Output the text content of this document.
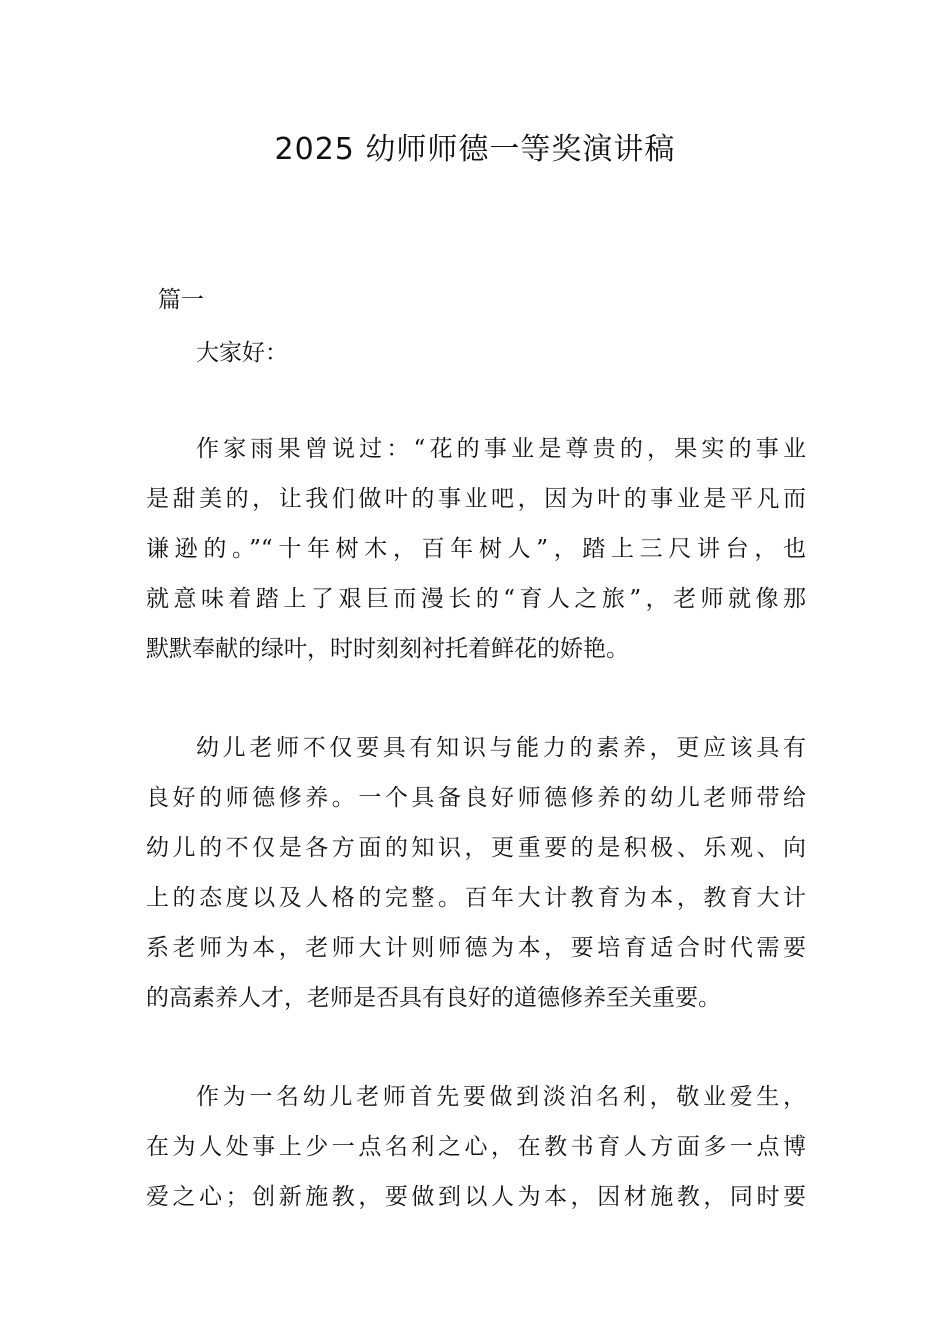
2025 幼师师德一等奖演讲稿
篇一
大家好：
作家雨果曾说过：“花的事业是尊贵的，果实的事业
是甜美的，让我们做叶的事业吧，因为叶的事业是平凡而
谦逊的。”“十年树木，百年树人”，踏上三尺讲台，也
就意味着踏上了艰巨而漫长的“育人之旅”，老师就像那
默默奉献的绿叶，时时刻刻衬托着鲜花的娇艳。
幼儿老师不仅要具有知识与能力的素养，更应该具有
良好的师德修养。一个具备良好师德修养的幼儿老师带给
幼儿的不仅是各方面的知识，更重要的是积极、乐观、向
上的态度以及人格的完整。百年大计教育为本，教育大计
系老师为本，老师大计则师德为本，要培育适合时代需要
的高素养人才，老师是否具有良好的道德修养至关重要。
作为一名幼儿老师首先要做到淡泊名利，敬业爱生，
在为人处事上少一点名利之心，在教书育人方面多一点博
爱之心；创新施教，要做到以人为本，因材施教，同时要
